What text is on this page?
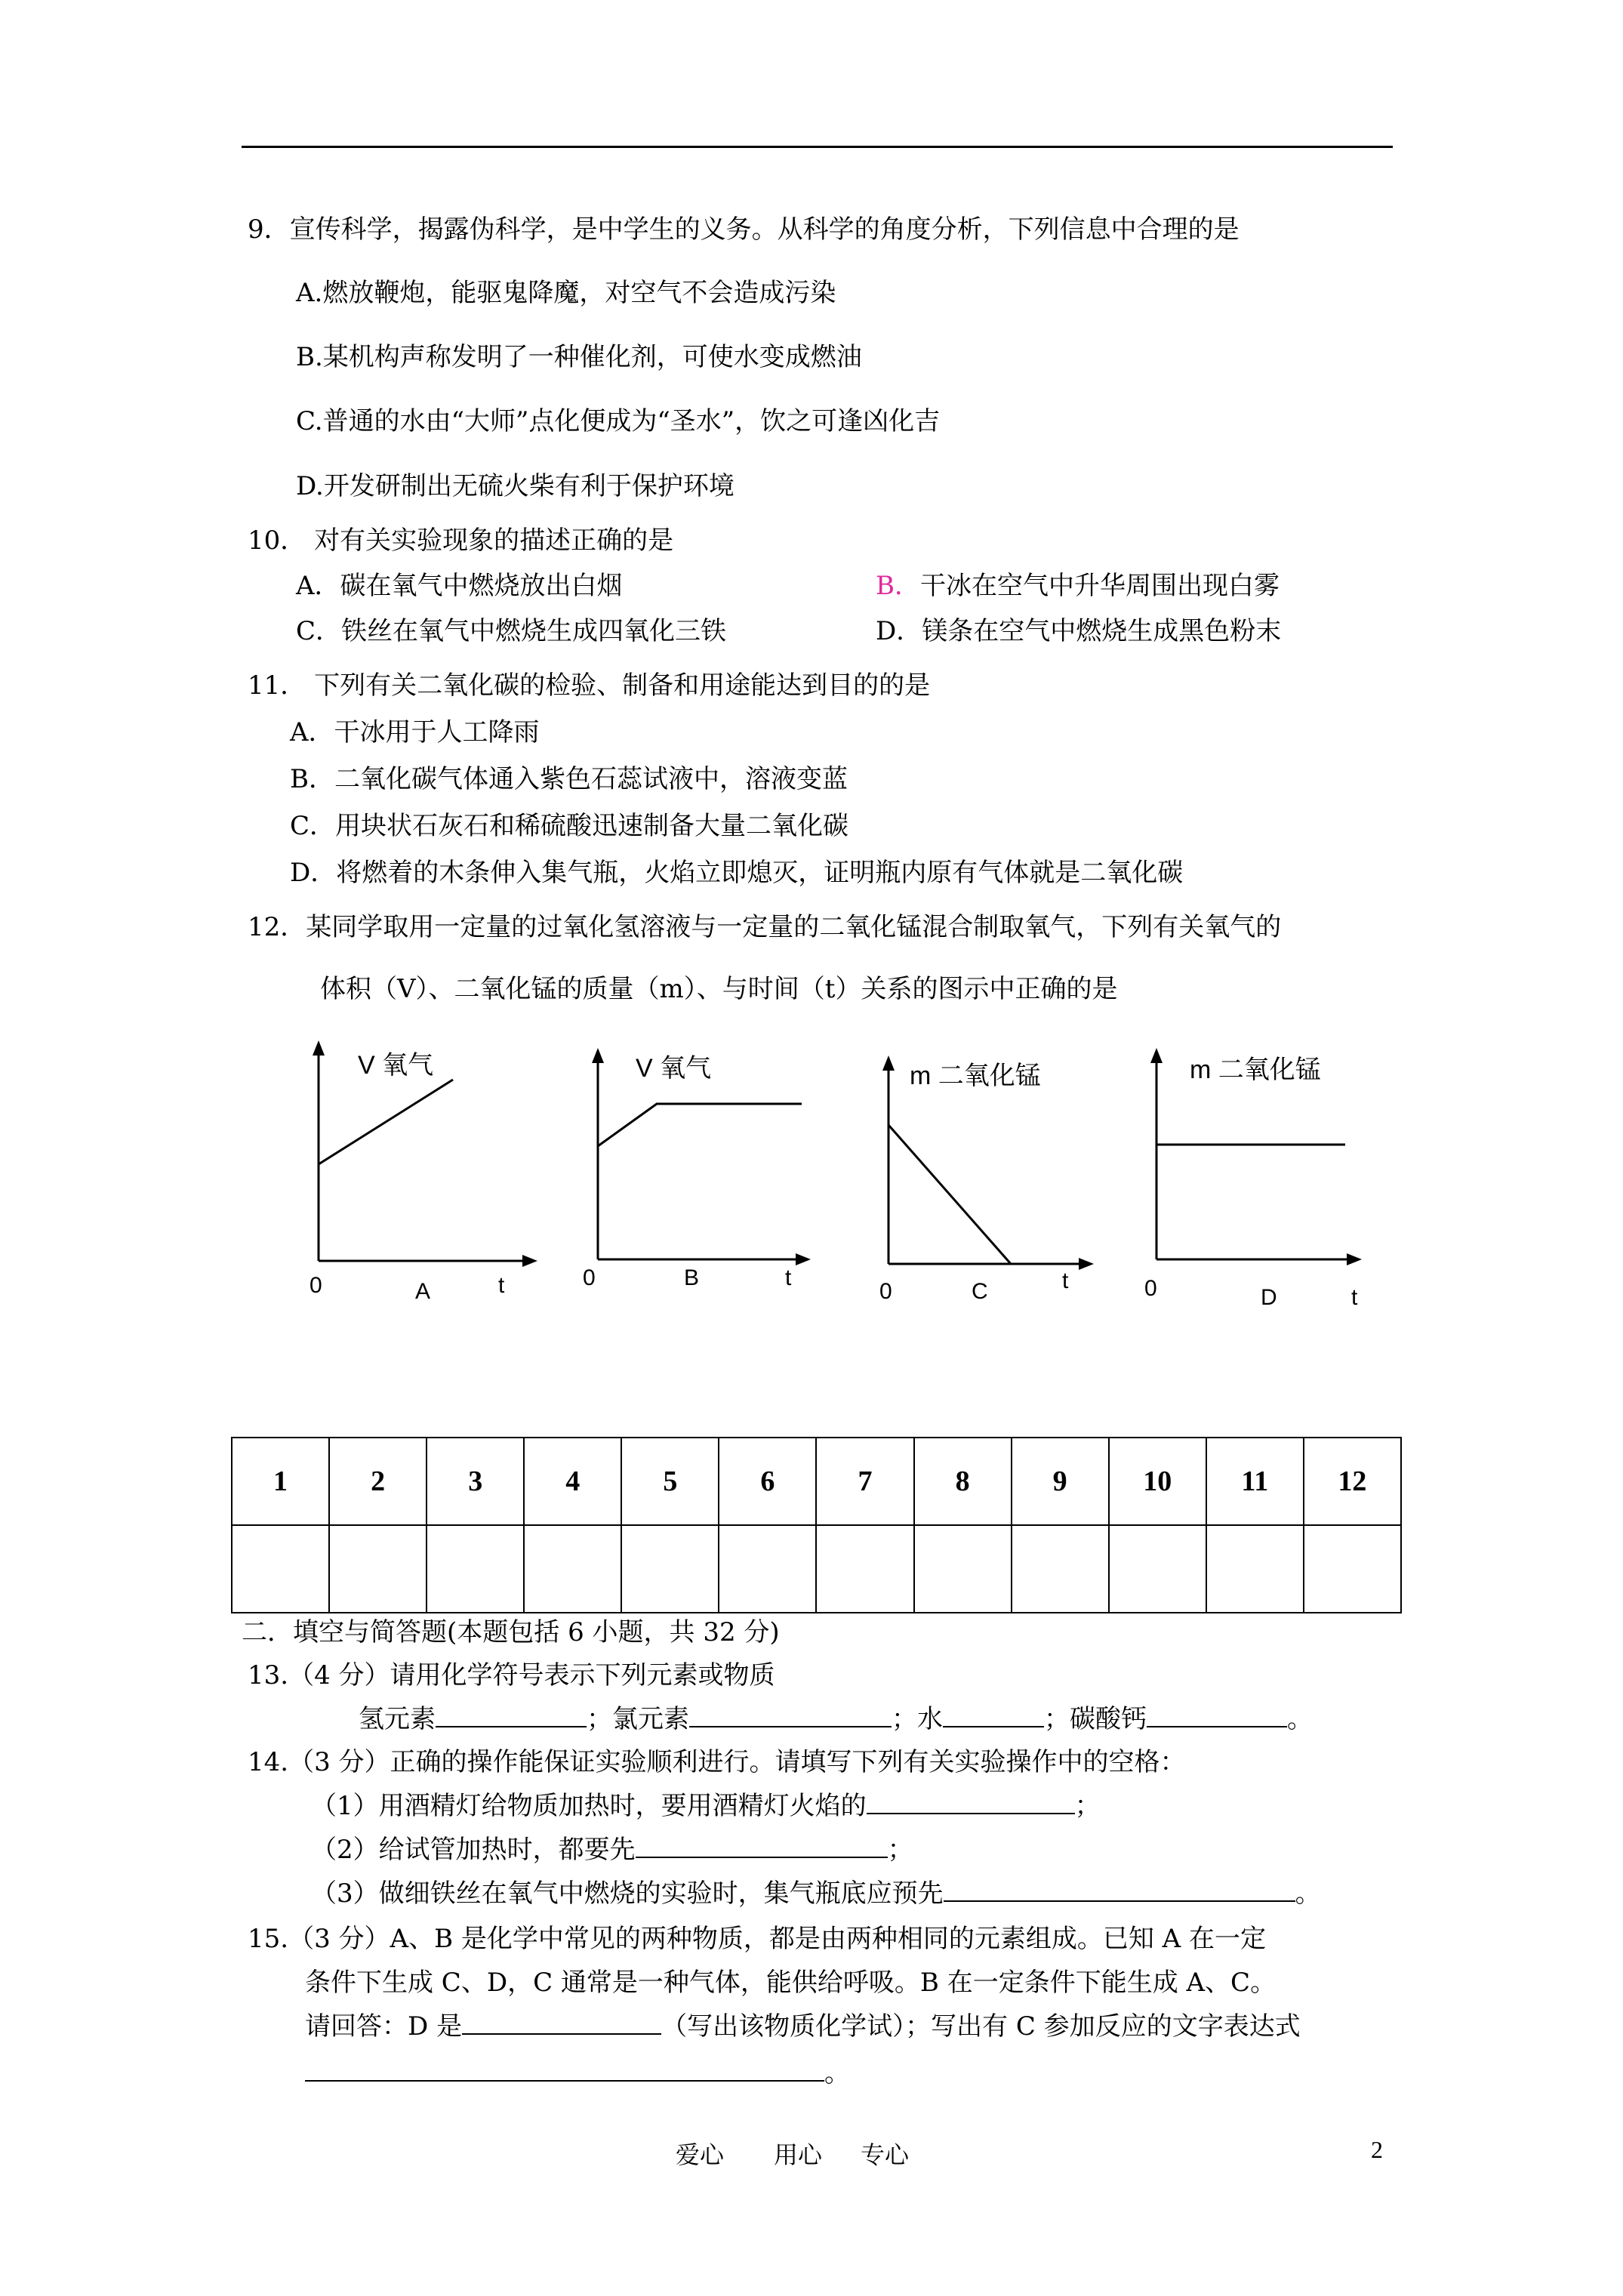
9．宣传科学，揭露伪科学，是中学生的义务。从科学的角度分析，下列信息中合理的是
A.燃放鞭炮，能驱鬼降魔，对空气不会造成污染
B.某机构声称发明了一种催化剂，可使水变成燃油
C.普通的水由“大师”点化便成为“圣水”，饮之可逢凶化吉
D.开发研制出无硫火柴有利于保护环境
10． 对有关实验现象的描述正确的是
A．碳在氧气中燃烧放出白烟	B．干冰在空气中升华周围出现白雾
C．铁丝在氧气中燃烧生成四氧化三铁	D．镁条在空气中燃烧生成黑色粉末
11． 下列有关二氧化碳的检验、制备和用途能达到目的的是
A．干冰用于人工降雨
B．二氧化碳气体通入紫色石蕊试液中，溶液变蓝
C．用块状石灰石和稀硫酸迅速制备大量二氧化碳
D．将燃着的木条伸入集气瓶，火焰立即熄灭，证明瓶内原有气体就是二氧化碳
12．某同学取用一定量的过氧化氢溶液与一定量的二氧化锰混合制取氧气，下列有关氧气的
体积（V）、二氧化锰的质量（m）、与时间（t）关系的图示中正确的是
V 氧气
0	A	t
V 氧气
0	B	t
m 二氧化锰
0	C	t
m 二氧化锰
0	D	t
1	2	3	4	5	6	7	8	9	10	11	12

二．填空与简答题(本题包括 6 小题，共 32 分)
13.（4 分）请用化学符号表示下列元素或物质
氢元素	；氯元素	；水	；碳酸钙	。
14.（3 分）正确的操作能保证实验顺利进行。请填写下列有关实验操作中的空格：
（1）用酒精灯给物质加热时，要用酒精灯火焰的	；
（2）给试管加热时，都要先	；
（3）做细铁丝在氧气中燃烧的实验时，集气瓶底应预先	。
15.（3 分）A、B 是化学中常见的两种物质，都是由两种相同的元素组成。已知 A 在一定
条件下生成 C、D，C 通常是一种气体，能供给呼吸。B 在一定条件下能生成 A、C。
请回答：D 是	（写出该物质化学试）；写出有 C 参加反应的文字表达式
。
爱心 用心 专心	2
